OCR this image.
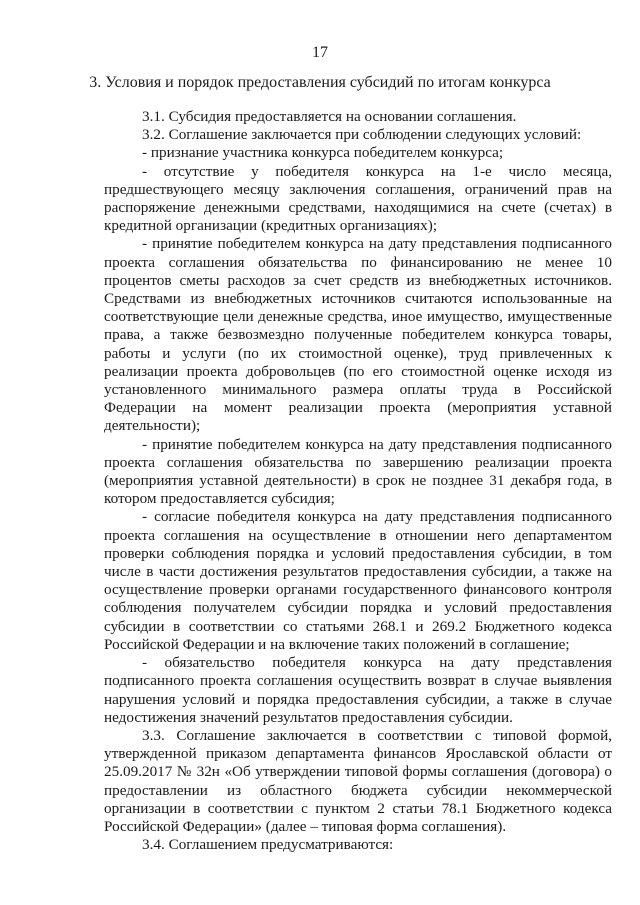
17
3. Условия и порядок предоставления субсидий по итогам конкурса

3.1. Субсидия предоставляется на основании соглашения.

3.2. Соглашение заключается при соблюдении следующих условий:

- признание участника конкурса победителем конкурса;

- отсутствие у победителя конкурса на 1-е число месяца, предшествующего месяцу заключения соглашения, ограничений прав на распоряжение денежными средствами, находящимися на счете (счетах) в кредитной организации (кредитных организациях);

- принятие победителем конкурса на дату представления подписанного проекта соглашения обязательства по финансированию не менее 10 процентов сметы расходов за счет средств из внебюджетных источников. Средствами из внебюджетных источников считаются использованные на соответствующие цели денежные средства, иное имущество, имущественные права, а также безвозмездно полученные победителем конкурса товары, работы и услуги (по их стоимостной оценке), труд привлеченных к реализации проекта добровольцев (по его стоимостной оценке исходя из установленного минимального размера оплаты труда в Российской Федерации на момент реализации проекта (мероприятия уставной деятельности);

- принятие победителем конкурса на дату представления подписанного проекта соглашения обязательства по завершению реализации проекта (мероприятия уставной деятельности) в срок не позднее 31 декабря года, в котором предоставляется субсидия;

- согласие победителя конкурса на дату представления подписанного проекта соглашения на осуществление в отношении него департаментом проверки соблюдения порядка и условий предоставления субсидии, в том числе в части достижения результатов предоставления субсидии, а также на осуществление проверки органами государственного финансового контроля соблюдения получателем субсидии порядка и условий предоставления субсидии в соответствии со статьями 268.1 и 269.2 Бюджетного кодекса Российской Федерации и на включение таких положений в соглашение;

- обязательство победителя конкурса на дату представления подписанного проекта соглашения осуществить возврат в случае выявления нарушения условий и порядка предоставления субсидии, а также в случае недостижения значений результатов предоставления субсидии.

3.3. Соглашение заключается в соответствии с типовой формой, утвержденной приказом департамента финансов Ярославской области от 25.09.2017 № 32н «Об утверждении типовой формы соглашения (договора) о предоставлении из областного бюджета субсидии некоммерческой организации в соответствии с пунктом 2 статьи 78.1 Бюджетного кодекса Российской Федерации» (далее – типовая форма соглашения).

3.4. Соглашением предусматриваются:
